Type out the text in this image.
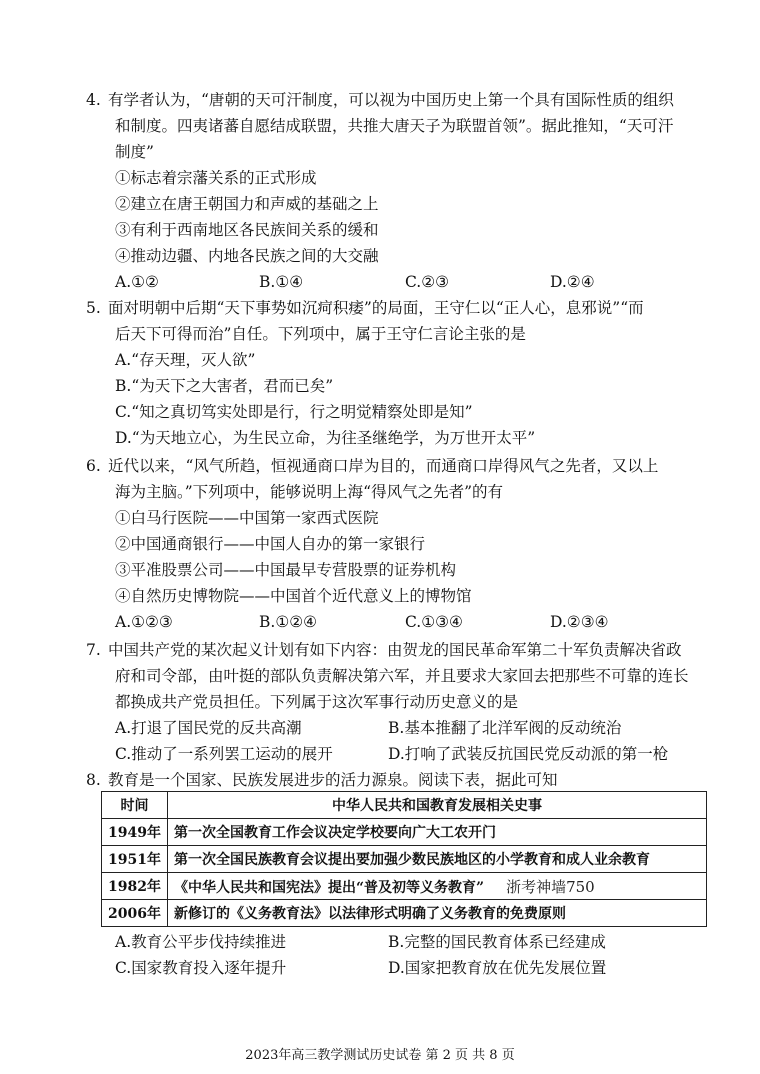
4. 有学者认为，“唐朝的天可汗制度，可以视为中国历史上第一个具有国际性质的组织
和制度。四夷诸蕃自愿结成联盟，共推大唐天子为联盟首领”。据此推知，“天可汗
制度”
①标志着宗藩关系的正式形成
②建立在唐王朝国力和声威的基础之上
③有利于西南地区各民族间关系的缓和
④推动边疆、内地各民族之间的大交融
A.①②	B.①④	C.②③	D.②④
5. 面对明朝中后期“天下事势如沉疴积痿”的局面，王守仁以“正人心，息邪说”“而
后天下可得而治”自任。下列项中，属于王守仁言论主张的是
A.“存天理，灭人欲”
B.“为天下之大害者，君而已矣”
C.“知之真切笃实处即是行，行之明觉精察处即是知”
D.“为天地立心，为生民立命，为往圣继绝学，为万世开太平”
6. 近代以来，“风气所趋，恒视通商口岸为目的，而通商口岸得风气之先者，又以上
海为主脑。”下列项中，能够说明上海“得风气之先者”的有
①白马行医院——中国第一家西式医院
②中国通商银行——中国人自办的第一家银行
③平准股票公司——中国最早专营股票的证券机构
④自然历史博物院——中国首个近代意义上的博物馆
A.①②③	B.①②④	C.①③④	D.②③④
7. 中国共产党的某次起义计划有如下内容：由贺龙的国民革命军第二十军负责解决省政
府和司令部，由叶挺的部队负责解决第六军，并且要求大家回去把那些不可靠的连长
都换成共产党员担任。下列属于这次军事行动历史意义的是
A.打退了国民党的反共高潮	B.基本推翻了北洋军阀的反动统治
C.推动了一系列罢工运动的展开	D.打响了武装反抗国民党反动派的第一枪
8. 教育是一个国家、民族发展进步的活力源泉。阅读下表，据此可知
时间	中华人民共和国教育发展相关史事
1949年	第一次全国教育工作会议决定学校要向广大工农开门
1951年	第一次全国民族教育会议提出要加强少数民族地区的小学教育和成人业余教育
1982年	《中华人民共和国宪法》提出“普及初等义务教育” 浙考神墙750
2006年	新修订的《义务教育法》以法律形式明确了义务教育的免费原则
A.教育公平步伐持续推进	B.完整的国民教育体系已经建成
C.国家教育投入逐年提升	D.国家把教育放在优先发展位置
2023年高三教学测试历史试卷 第 2 页 共 8 页
